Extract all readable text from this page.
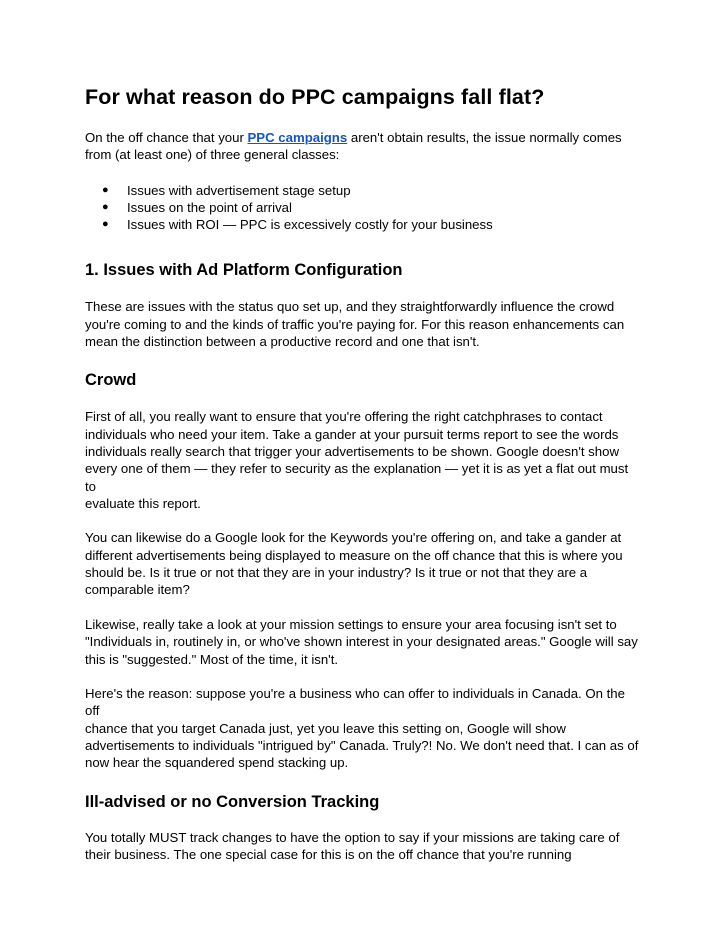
For what reason do PPC campaigns fall flat?

On the off chance that your PPC campaigns aren't obtain results, the issue normally comes
from (at least one) of three general classes:

● Issues with advertisement stage setup
● Issues on the point of arrival
● Issues with ROI — PPC is excessively costly for your business
1. Issues with Ad Platform Configuration

These are issues with the status quo set up, and they straightforwardly influence the crowd
you're coming to and the kinds of traffic you're paying for. For this reason enhancements can
mean the distinction between a productive record and one that isn't.

Crowd

First of all, you really want to ensure that you're offering the right catchphrases to contact
individuals who need your item. Take a gander at your pursuit terms report to see the words
individuals really search that trigger your advertisements to be shown. Google doesn't show
every one of them — they refer to security as the explanation — yet it is as yet a flat out must to
evaluate this report.

You can likewise do a Google look for the Keywords you're offering on, and take a gander at
different advertisements being displayed to measure on the off chance that this is where you
should be. Is it true or not that they are in your industry? Is it true or not that they are a
comparable item?

Likewise, really take a look at your mission settings to ensure your area focusing isn't set to
"Individuals in, routinely in, or who've shown interest in your designated areas." Google will say
this is "suggested." Most of the time, it isn't.

Here's the reason: suppose you're a business who can offer to individuals in Canada. On the off
chance that you target Canada just, yet you leave this setting on, Google will show
advertisements to individuals "intrigued by" Canada. Truly?! No. We don't need that. I can as of
now hear the squandered spend stacking up.

Ill-advised or no Conversion Tracking

You totally MUST track changes to have the option to say if your missions are taking care of
their business. The one special case for this is on the off chance that you're running
